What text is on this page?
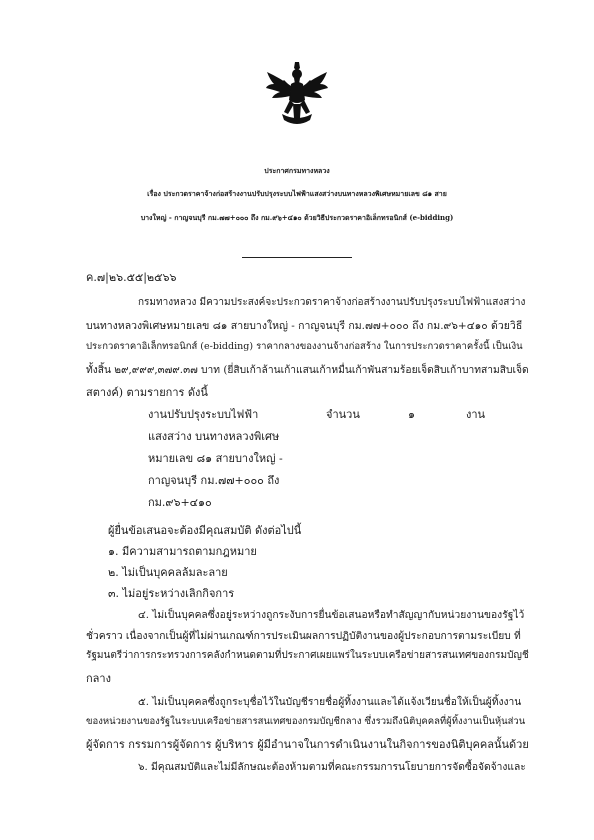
ประกาศกรมทางหลวง
เรื่อง ประกวดราคาจ้างก่อสร้างงานปรับปรุงระบบไฟฟ้าแสงสว่างบนทางหลวงพิเศษหมายเลข ๘๑ สาย
บางใหญ่ - กาญจนบุรี กม.๗๗+๐๐๐ ถึง กม.๙๖+๔๑๐ ด้วยวิธีประกวดราคาอิเล็กทรอนิกส์ (e-bidding)
ค.๗|๒๖.๕๕|๒๕๖๖
กรมทางหลวง มีความประสงค์จะประกวดราคาจ้างก่อสร้างงานปรับปรุงระบบไฟฟ้าแสงสว่าง
บนทางหลวงพิเศษหมายเลข ๘๑ สายบางใหญ่ - กาญจนบุรี กม.๗๗+๐๐๐ ถึง กม.๙๖+๔๑๐ ด้วยวิธี
ประกวดราคาอิเล็กทรอนิกส์ (e-bidding) ราคากลางของงานจ้างก่อสร้าง ในการประกวดราคาครั้งนี้ เป็นเงิน
ทั้งสิ้น ๒๙,๙๙๙,๓๗๙.๓๗ บาท (ยี่สิบเก้าล้านเก้าแสนเก้าหมื่นเก้าพันสามร้อยเจ็ดสิบเก้าบาทสามสิบเจ็ด
สตางค์) ตามรายการ ดังนี้
งานปรับปรุงระบบไฟฟ้า
แสงสว่าง บนทางหลวงพิเศษ
หมายเลข ๘๑ สายบางใหญ่ -
กาญจนบุรี กม.๗๗+๐๐๐ ถึง
กม.๙๖+๔๑๐
จำนวน	๑	งาน
ผู้ยื่นข้อเสนอจะต้องมีคุณสมบัติ ดังต่อไปนี้
๑. มีความสามารถตามกฎหมาย
๒. ไม่เป็นบุคคลล้มละลาย
๓. ไม่อยู่ระหว่างเลิกกิจการ
๔. ไม่เป็นบุคคลซึ่งอยู่ระหว่างถูกระงับการยื่นข้อเสนอหรือทำสัญญากับหน่วยงานของรัฐไว้
ชั่วคราว เนื่องจากเป็นผู้ที่ไม่ผ่านเกณฑ์การประเมินผลการปฏิบัติงานของผู้ประกอบการตามระเบียบ ที่
รัฐมนตรีว่าการกระทรวงการคลังกำหนดตามที่ประกาศเผยแพร่ในระบบเครือข่ายสารสนเทศของกรมบัญชี
กลาง
๕. ไม่เป็นบุคคลซึ่งถูกระบุชื่อไว้ในบัญชีรายชื่อผู้ทิ้งงานและได้แจ้งเวียนชื่อให้เป็นผู้ทิ้งงาน
ของหน่วยงานของรัฐในระบบเครือข่ายสารสนเทศของกรมบัญชีกลาง ซึ่งรวมถึงนิติบุคคลที่ผู้ทิ้งงานเป็นหุ้นส่วน
ผู้จัดการ กรรมการผู้จัดการ ผู้บริหาร ผู้มีอำนาจในการดำเนินงานในกิจการของนิติบุคคลนั้นด้วย
๖. มีคุณสมบัติและไม่มีลักษณะต้องห้ามตามที่คณะกรรมการนโยบายการจัดซื้อจัดจ้างและ
